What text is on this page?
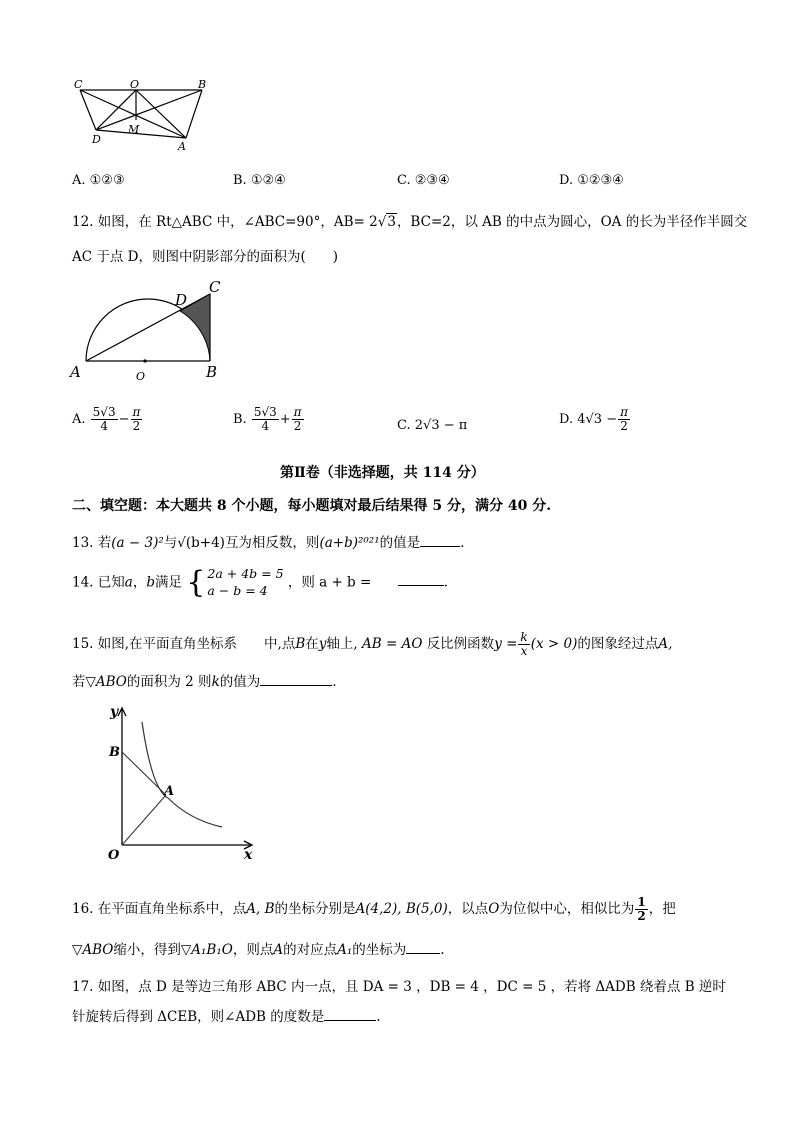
C	O	B
D
M
A
A. ①②③	B. ①②④	C. ②③④	D. ①②③④
12. 如图，在 Rt△ABC 中，∠ABC=90°，AB= 2√3，BC=2，以 AB 的中点为圆心，OA 的长为半径作半圆交
AC 于点 D，则图中阴影部分的面积为(　　)
A	O	B
C
D
A. $\frac{5√3}{4} - \frac{\pi}{2}$	B. $\frac{5√3}{4} + \frac{\pi}{2}$	C. 2√3 − π	D. $4√3 - \frac{\pi}{2}$
第Ⅱ卷（非选择题，共 114 分）
二、填空题：本大题共 8 个小题，每小题填对最后结果得 5 分，满分 40 分.
13. 若(a − 3)²与√(b+4)互为相反数，则(a+b)²⁰²¹的值是	.
14. 已知a，b满足 { 2a + 4b = 5
a − b = 4	，则 a + b =	.
15. 如图,在平面直角坐标系　　中,点B在y轴上, AB = AO 反比例函数$y = \frac{k}{x} (x > 0)$的图象经过点A,
若▽ABO的面积为 2 则k的值为	.
y
x
B
A
O
16. 在平面直角坐标系中，点A, B的坐标分别是A(4,2), B(5,0)，以点O为位似中心，相似比为 $\frac{1}{2}$ ，把
▽ABO缩小，得到▽A₁B₁O，则点A的对应点A₁的坐标为	.
17. 如图，点 D 是等边三角形 ABC 内一点，且 DA = 3 ，DB = 4 ，DC = 5 ，若将 ΔADB 绕着点 B 逆时
针旋转后得到 ΔCEB，则∠ADB 的度数是	.
